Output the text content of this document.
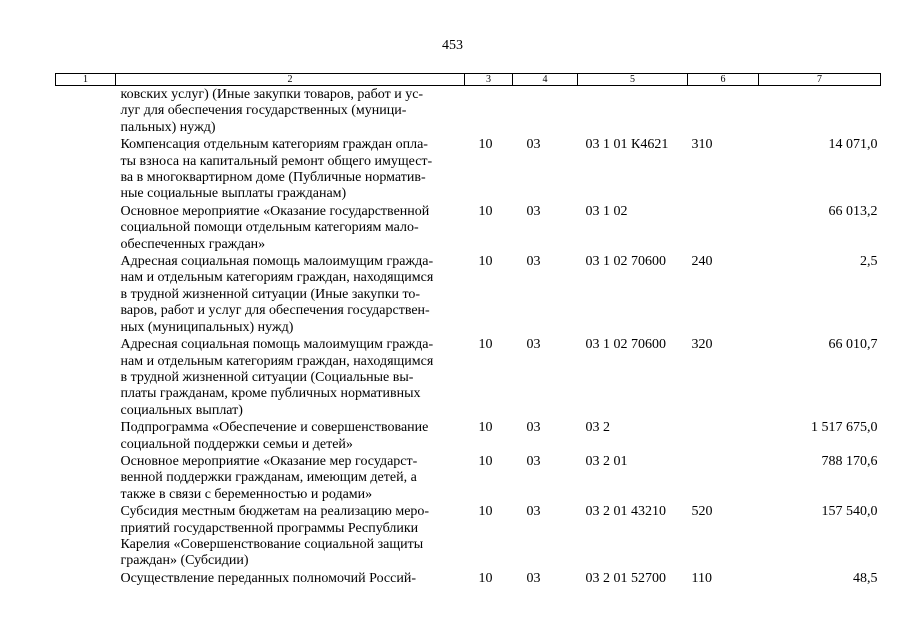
453
1	2	3	4	5	6	7
	ковских услуг) (Иные закупки товаров, работ и ус-
луг для обеспечения государственных (муници-
пальных) нужд)					
	Компенсация отдельным категориям граждан опла-
ты взноса на капитальный ремонт общего имущест-
ва в многоквартирном доме (Публичные норматив-
ные социальные выплаты гражданам)	10	03	03 1 01 К4621	310	14 071,0
	Основное мероприятие «Оказание государственной
социальной помощи отдельным категориям мало-
обеспеченных граждан»	10	03	03 1 02		66 013,2
	Адресная социальная помощь малоимущим гражда-
нам и отдельным категориям граждан, находящимся
в трудной жизненной ситуации (Иные закупки то-
варов, работ и услуг для обеспечения государствен-
ных (муниципальных) нужд)	10	03	03 1 02 70600	240	2,5
	Адресная социальная помощь малоимущим гражда-
нам и отдельным категориям граждан, находящимся
в трудной жизненной ситуации (Социальные вы-
платы гражданам, кроме публичных нормативных
социальных выплат)	10	03	03 1 02 70600	320	66 010,7
	Подпрограмма «Обеспечение и совершенствование
социальной поддержки семьи и детей»	10	03	03 2		1 517 675,0
	Основное мероприятие «Оказание мер государст-
венной поддержки гражданам, имеющим детей, а
также в связи с беременностью и родами»	10	03	03 2 01		788 170,6
	Субсидия местным бюджетам на реализацию меро-
приятий государственной программы Республики
Карелия «Совершенствование социальной защиты
граждан» (Субсидии)	10	03	03 2 01 43210	520	157 540,0
	Осуществление переданных полномочий Россий-	10	03	03 2 01 52700	110	48,5
